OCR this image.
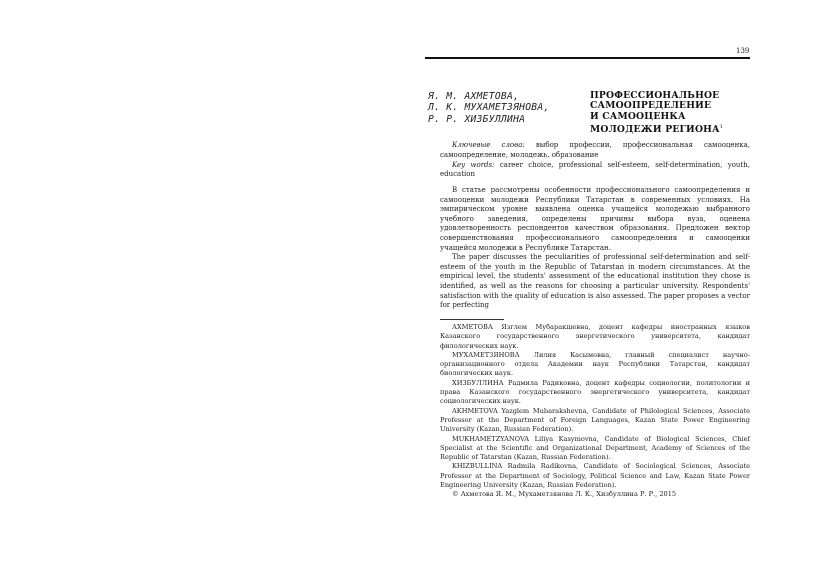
139
Я. М. АХМЕТОВА,
Л. К. МУХАМЕТЗЯНОВА,
Р. Р. ХИЗБУЛЛИНА
ПРОФЕССИОНАЛЬНОЕ
САМООПРЕДЕЛЕНИЕ
И САМООЦЕНКА
МОЛОДЕЖИ РЕГИОНА$^1$
Ключевые слова: выбор профессии, профессиональная самооценка, самоопределение, молодежь, образование
Key words: career choice, professional self-esteem, self-determination, youth, education

В статье рассмотрены особенности профессионального самоопределения и самооценки молодежи Республики Татарстан в современных условиях. На эмпирическом уровне выявлена оценка учащейся молодежью выбранного учебного заведения, определены причины выбора вуза, оценена удовлетворенность респондентов качеством образования. Предложен вектор совершенствования профессионального самоопределения и самооценки учащейся молодежи в Республике Татарстан.

The paper discusses the peculiarities of professional self-determination and self-esteem of the youth in the Republic of Tatarstan in modern circumstances. At the empirical level, the students' assessment of the educational institution they chose is identified, as well as the reasons for choosing a particular university. Respondents' satisfaction with the quality of education is also assessed. The paper proposes a vector for perfecting

АХМЕТОВА Язглем Мубаракшевна, доцент кафедры иностранных языков Казанского государственного энергетического университета, кандидат филологических наук.

МУХАМЕТЗЯНОВА Лилия Касымовна, главный специалист научно-организационного отдела Академии наук Республики Татарстан, кандидат биологических наук.

ХИЗБУЛЛИНА Радмила Радиковна, доцент кафедры социологии, политологии и права Казанского государственного энергетического университета, кандидат социологических наук.

AKHMETOVA Yazglem Mubarakshevna, Candidate of Philological Sciences, Associate Professor at the Department of Foreign Languages, Kazan State Power Engineering University (Kazan, Russian Federation).

MUKHAMETZYANOVA Liliya Kasymovna, Candidate of Biological Sciences, Chief Specialist at the Scientific and Organizational Department, Academy of Sciences of the Republic of Tatarstan (Kazan, Russian Federation).

KHIZBULLINA Radmila Radikovna, Candidate of Sociological Sciences, Associate Professor at the Department of Sociology, Political Science and Law, Kazan State Power Engineering University (Kazan, Russian Federation).

© Ахметова Я. М., Мухаметзянова Л. К., Хизбуллина Р. Р., 2015
